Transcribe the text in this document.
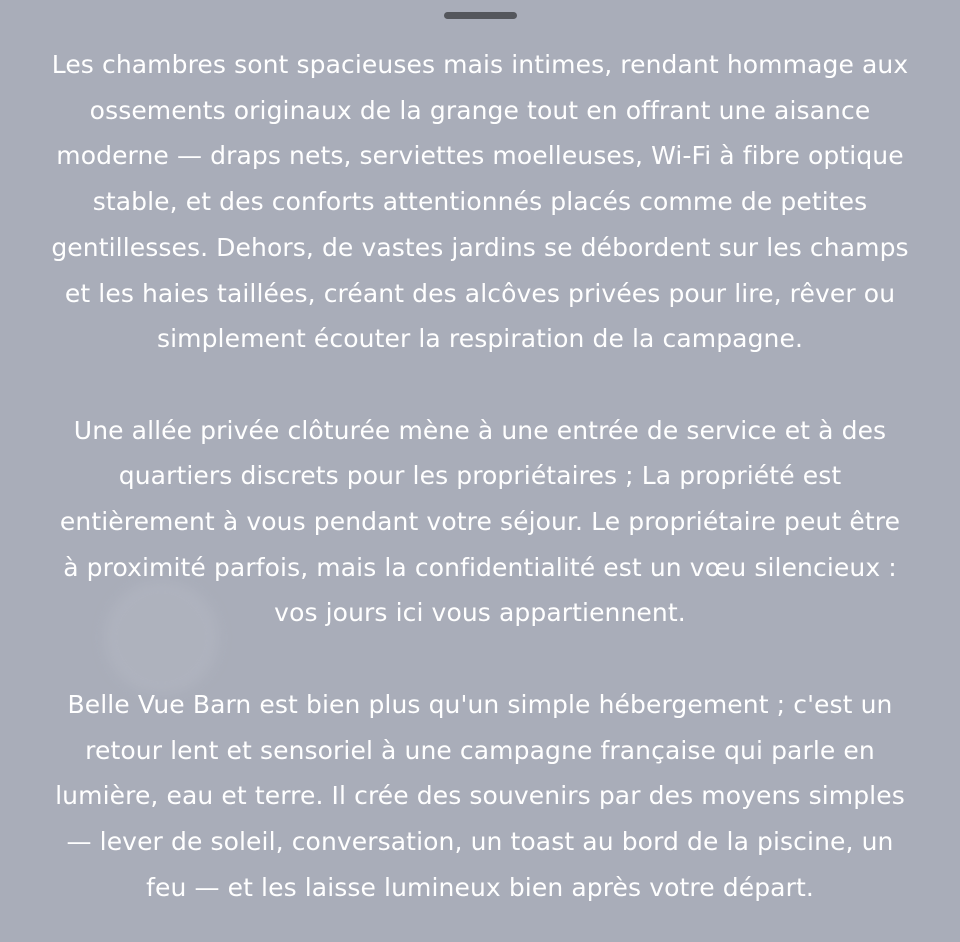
Les chambres sont spacieuses mais intimes, rendant hommage aux
ossements originaux de la grange tout en offrant une aisance
moderne — draps nets, serviettes moelleuses, Wi-Fi à fibre optique
stable, et des conforts attentionnés placés comme de petites
gentillesses. Dehors, de vastes jardins se débordent sur les champs
et les haies taillées, créant des alcôves privées pour lire, rêver ou
simplement écouter la respiration de la campagne.

Une allée privée clôturée mène à une entrée de service et à des
quartiers discrets pour les propriétaires ; La propriété est
entièrement à vous pendant votre séjour. Le propriétaire peut être
à proximité parfois, mais la confidentialité est un vœu silencieux :
vos jours ici vous appartiennent.

Belle Vue Barn est bien plus qu'un simple hébergement ; c'est un
retour lent et sensoriel à une campagne française qui parle en
lumière, eau et terre. Il crée des souvenirs par des moyens simples
— lever de soleil, conversation, un toast au bord de la piscine, un
feu — et les laisse lumineux bien après votre départ.
